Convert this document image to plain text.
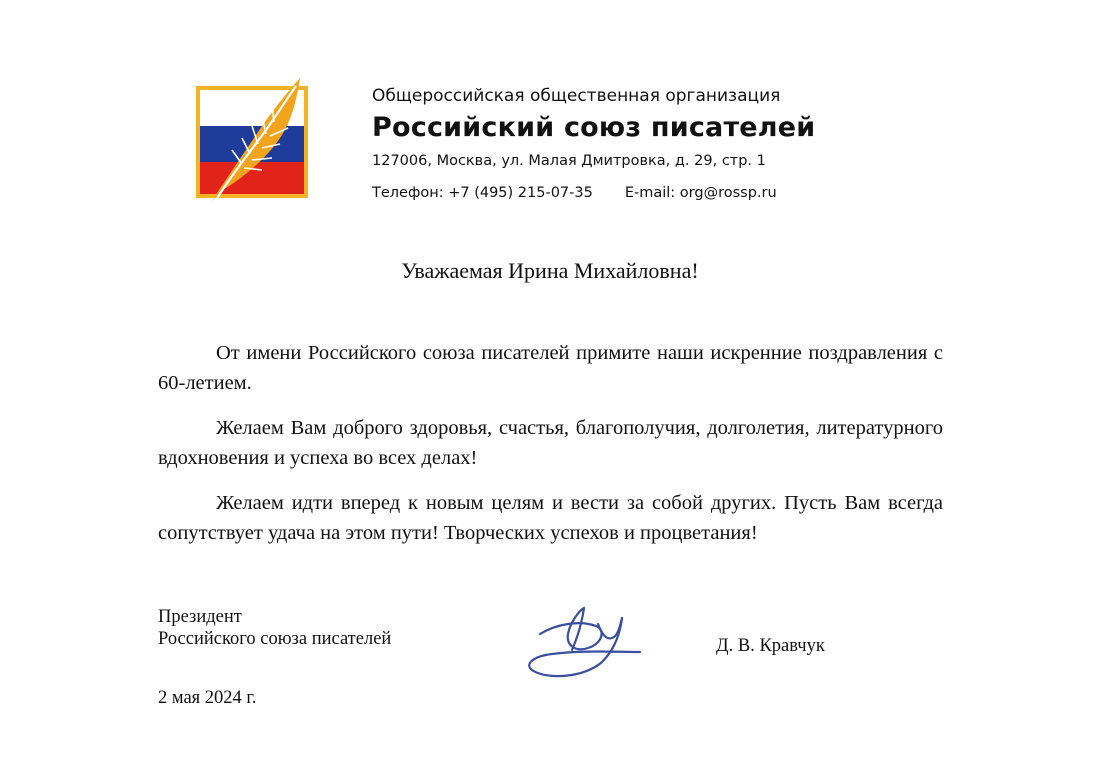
Общероссийская общественная организация

Российский союз писателей

127006, Москва, ул. Малая Дмитровка, д. 29, стр. 1

Телефон: +7 (495) 215-07-35 E-mail: org@rossp.ru

Уважаемая Ирина Михайловна!

От имени Российского союза писателей примите наши искренние поздравления с 60-летием.

Желаем Вам доброго здоровья, счастья, благополучия, долголетия, литературного вдохновения и успеха во всех делах!

Желаем идти вперед к новым целям и вести за собой других. Пусть Вам всегда сопутствует удача на этом пути! Творческих успехов и процветания!

Президент
Российского союза писателей	Д. В. Кравчук
2 мая 2024 г.
